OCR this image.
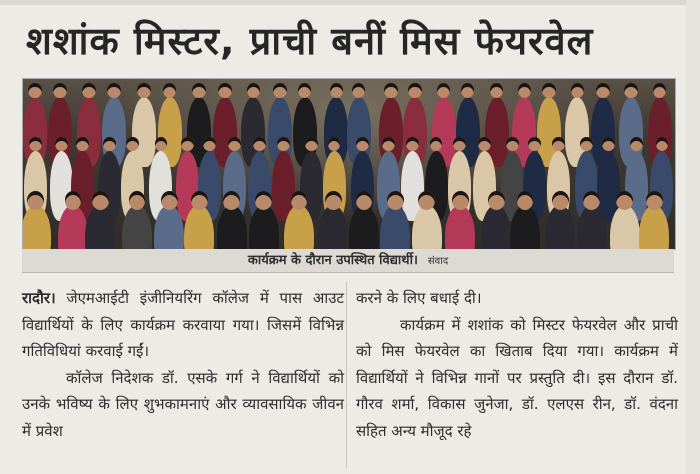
शशांक मिस्टर, प्राची बनीं मिस फेयरवेल
कार्यक्रम के दौरान उपस्थित विद्यार्थी। संवाद

रादौर। जेएमआईटी इंजीनियरिंग कॉलेज में पास आउट विद्यार्थियों के लिए कार्यक्रम करवाया गया। जिसमें विभिन्न गतिविधियां करवाई गईं।

कॉलेज निदेशक डॉ. एसके गर्ग ने विद्यार्थियों को उनके भविष्य के लिए शुभकामनाएं और व्यावसायिक जीवन में प्रवेश

करने के लिए बधाई दी।

कार्यक्रम में शशांक को मिस्टर फेयरवेल और प्राची को मिस फेयरवेल का खिताब दिया गया। कार्यक्रम में विद्यार्थियों ने विभिन्न गानों पर प्रस्तुति दी। इस दौरान डॉ. गौरव शर्मा, विकास जुनेजा, डॉ. एलएस रीन, डॉ. वंदना सहित अन्य मौजूद रहे
